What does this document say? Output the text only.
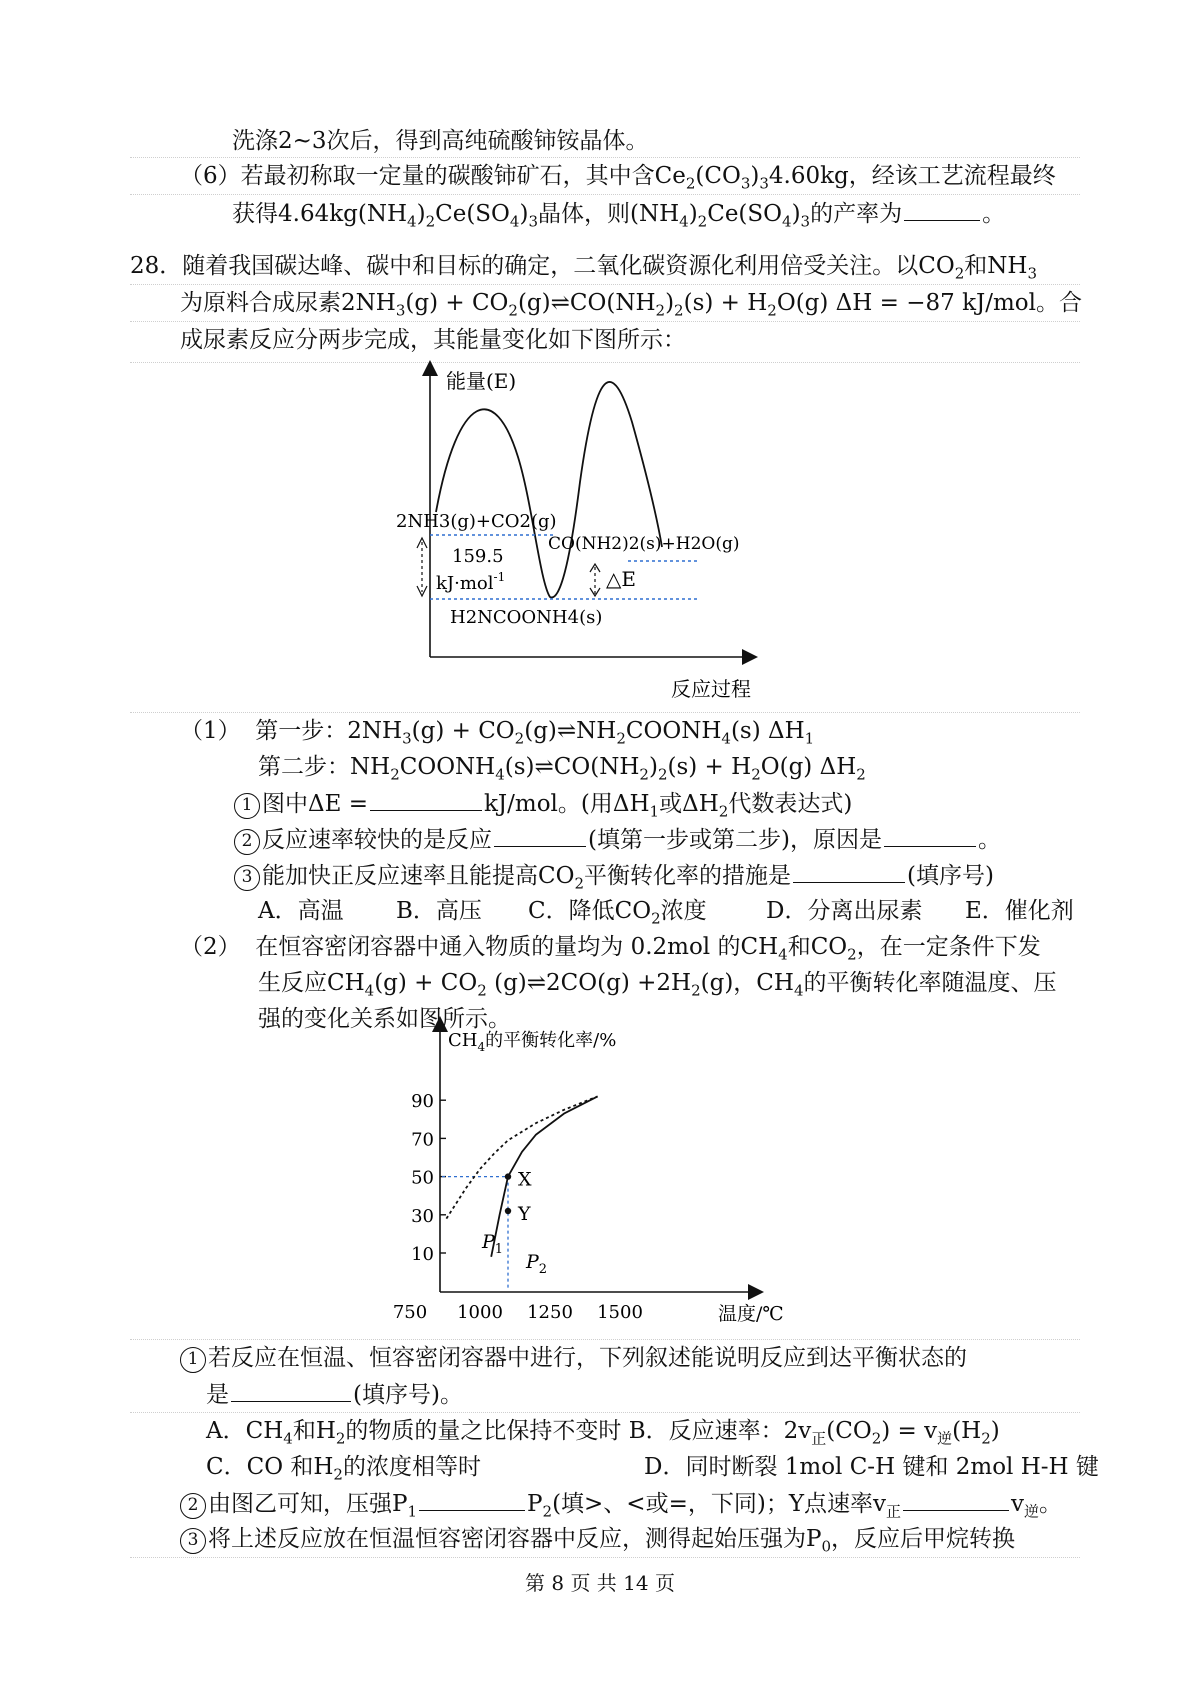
洗涤2~3次后，得到高纯硫酸铈铵晶体。
（6）若最初称取一定量的碳酸铈矿石，其中含$Ce_2(CO_3)_34.60kg$，经该工艺流程最终
获得$4.64kg(NH_4)_2Ce(SO_4)_3$晶体，则$(NH_4)_2Ce(SO_4)_3$的产率为	。
28．随着我国碳达峰、碳中和目标的确定，二氧化碳资源化利用倍受关注。以$CO_2$和$NH_3$
为原料合成尿素$2NH_3(g)$ + $CO_2(g)\rightleftharpoons CO(NH_2)_2(s) + H_2O(g) \Delta H = -87$ kJ/mol。合
成尿素反应分两步完成，其能量变化如下图所示：
能量(E)
反应过程
2NH3(g)+CO2(g)
CO(NH2)2(s)+H2O(g)
159.5
kJ·mol$^{-1}$	△E
H2NCOONH4(s)
（1） 第一步：$2NH_3(g)$ + $CO_2(g)\rightleftharpoons NH_2COONH_4(s)$ $\Delta H_1$
第二步：$NH_2COONH_4(s)\rightleftharpoons CO(NH_2)_2(s) + H_2O(g)$ $\Delta H_2$
1 图中ΔE =	kJ/mol。(用$\Delta H_1$或$\Delta H_2$代数表达式)
2 反应速率较快的是反应	(填第一步或第二步)，原因是	。
3 能加快正反应速率且能提高$CO_2$平衡转化率的措施是	(填序号)
A．高温 B．高压 C．降低$CO_2$浓度	D．分离出尿素 E．催化剂
（2） 在恒容密闭容器中通入物质的量均为 0.2mol 的$CH_4$和$CO_2$，在一定条件下发
生反应$CH_4(g) + CO_2$ (g)⇌2CO(g) $+2H_2(g)$，$CH_4$的平衡转化率随温度、压
强的变化关系如图所示。
$CH_4$的平衡转化率/%
温度/℃
10
30
50
70
90
750 1000 1250 1500
X
Y
$P_1$
$P_2$
1 若反应在恒温、恒容密闭容器中进行，下列叙述能说明反应到达平衡状态的
是	(填序号)。
A．$CH_4$和$H_2$的物质的量之比保持不变时 B．反应速率：$2v_正(CO_2) = v_逆(H_2)$
C．CO 和$H_2$的浓度相等时	D．同时断裂 1mol C-H 键和 2mol H-H 键
2 由图乙可知，压强$P_1$	$P_2$(填>、<或=，下同)；Y点速率$v_正$	$v_逆$。
3 将上述反应放在恒温恒容密闭容器中反应，测得起始压强为$P_0$，反应后甲烷转换
第 8 页 共 14 页
